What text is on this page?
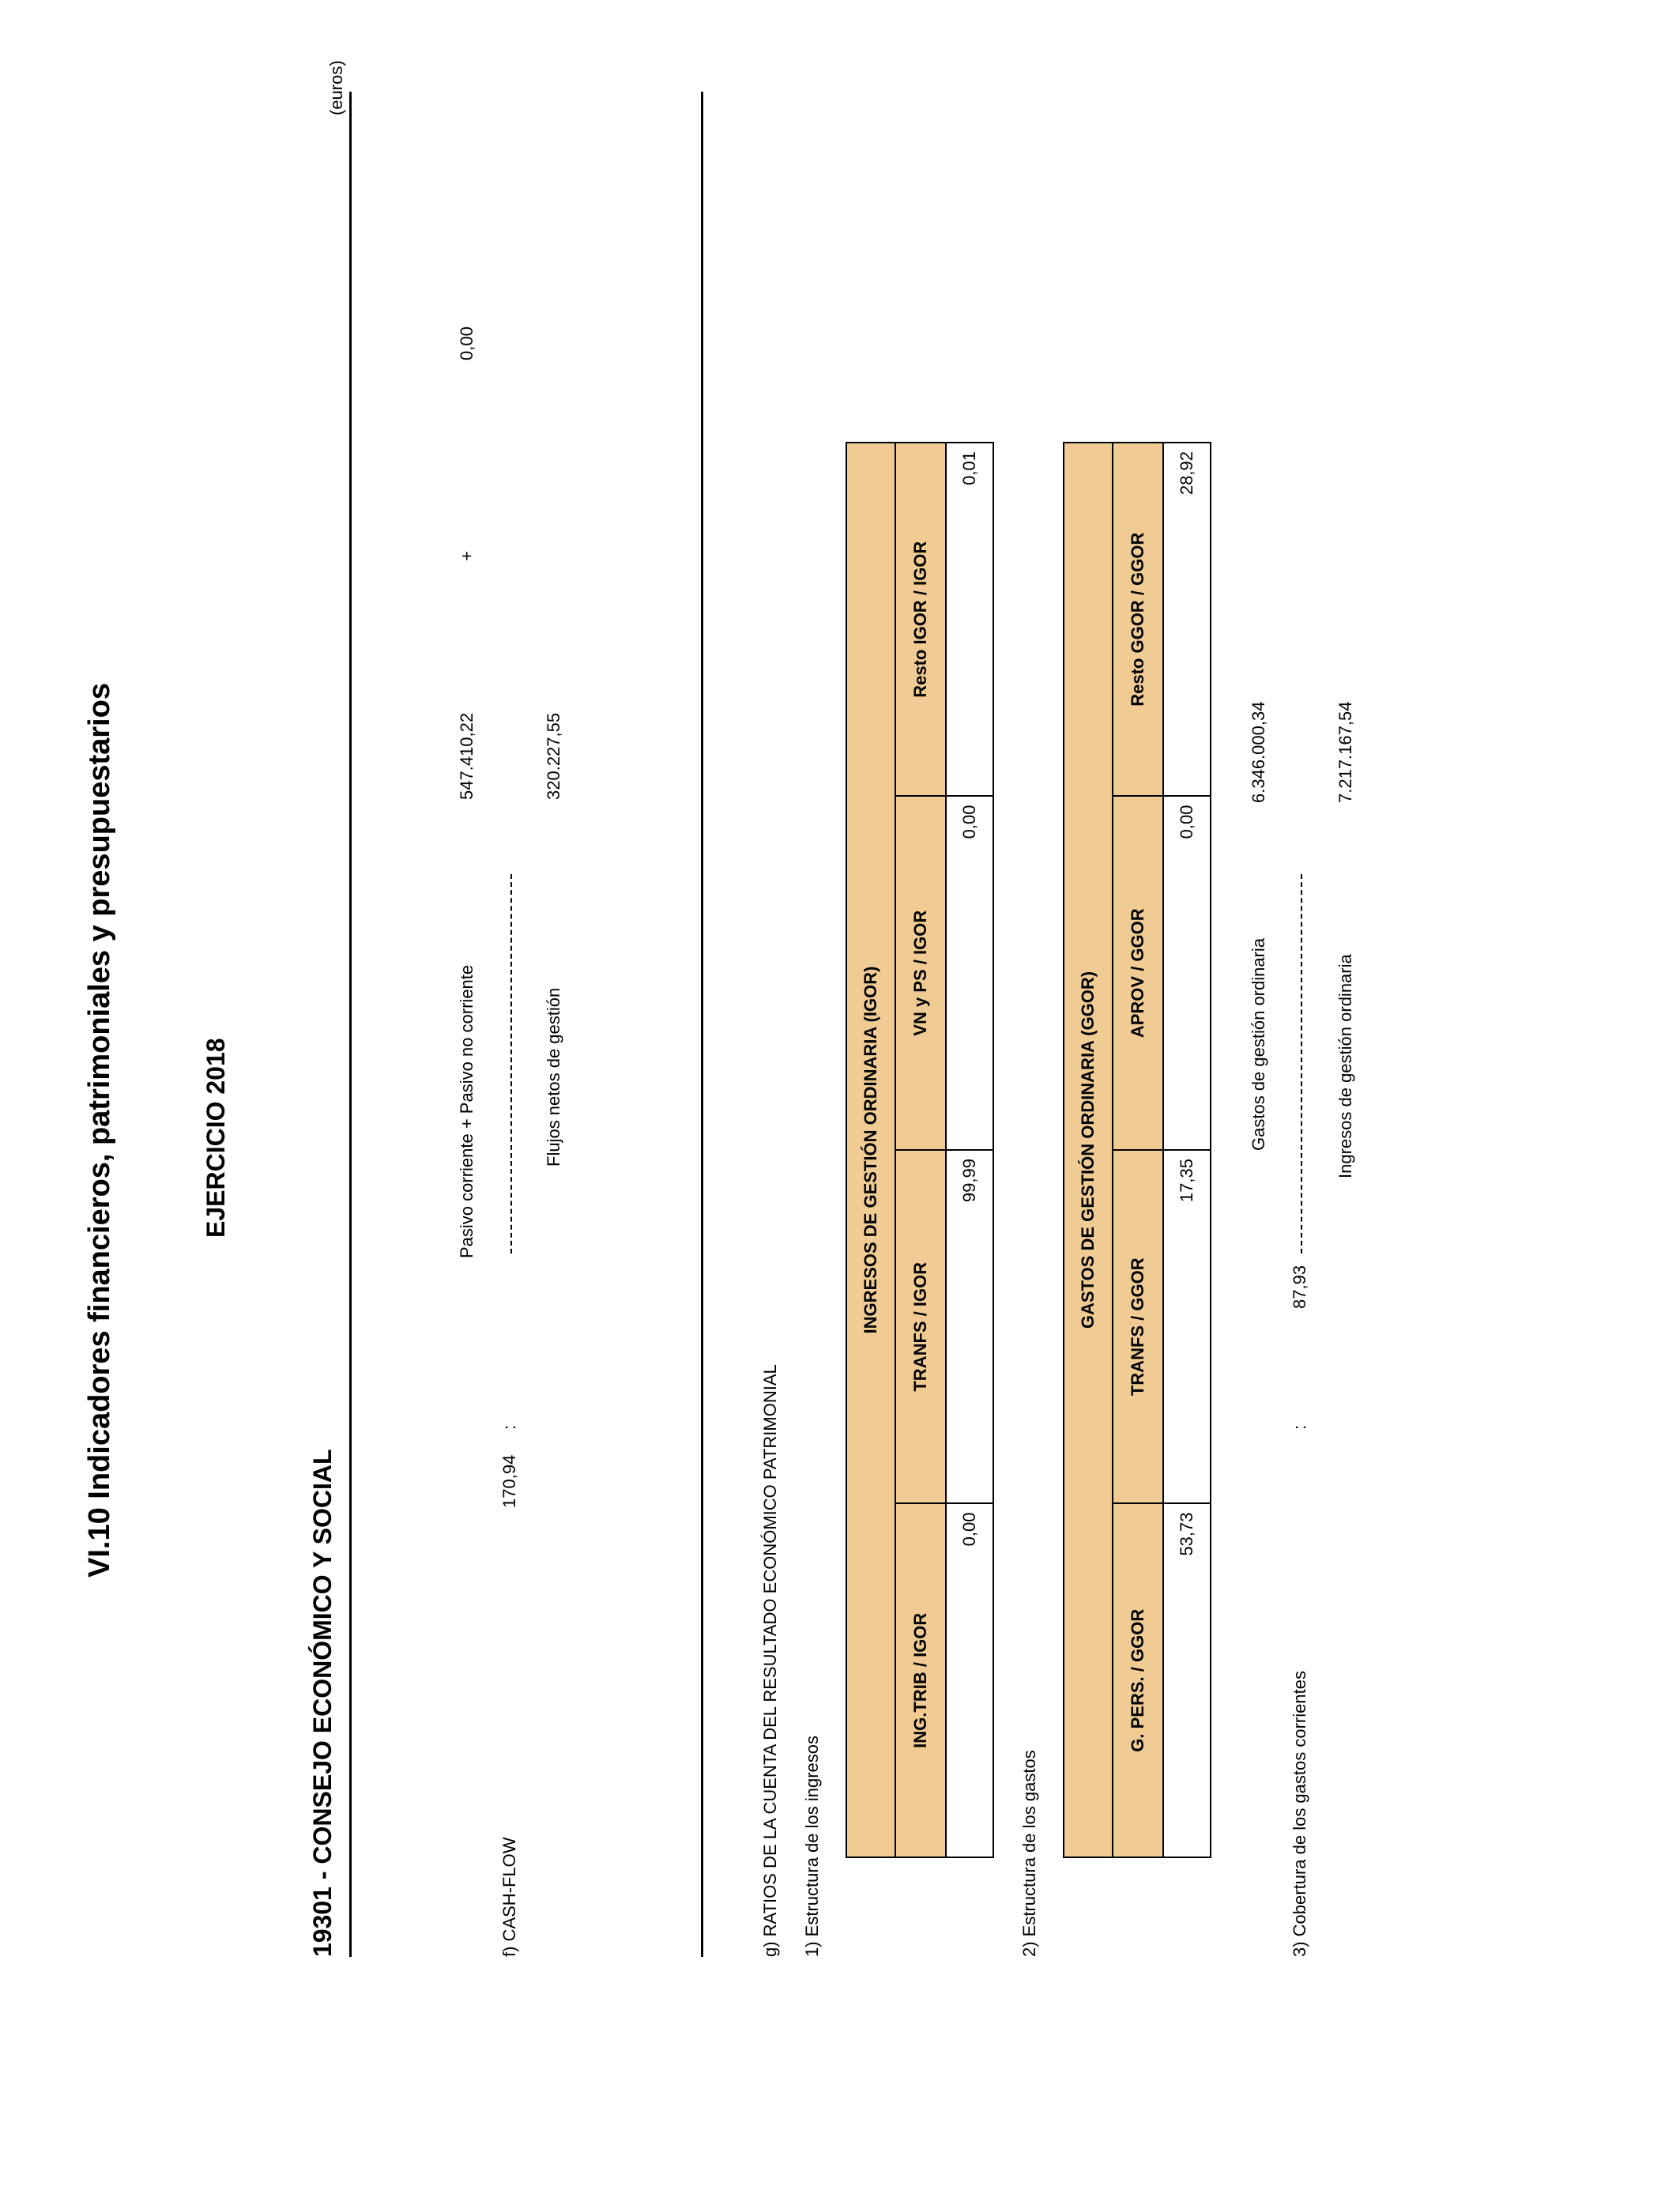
VI.10 Indicadores financieros, patrimoniales y presupuestarios	EJERCICIO 2018
(euros)
19301 - CONSEJO ECONÓMICO Y SOCIAL	f) CASH-FLOW
170,94
:
Pasivo corriente + Pasivo no corriente
547.410,22
+
0,00
Flujos netos de gestión
320.227,55
g) RATIOS DE LA CUENTA DEL RESULTADO ECONÓMICO PATRIMONIAL 1) Estructura de los ingresos
INGRESOS DE GESTIÓN ORDINARIA (IGOR)			
ING.TRIB / IGOR	TRANFS / IGOR	VN y PS / IGOR	Resto IGOR / IGOR
0,00	99,99	0,00	0,01
2) Estructura de los gastos
GASTOS DE GESTIÓN ORDINARIA (GGOR)			
G. PERS. / GGOR	TRANFS / GGOR	APROV / GGOR	Resto GGOR / GGOR
53,73	17,35	0,00	28,92
3) Cobertura de los gastos corrientes
87,93
:
Gastos de gestión ordinaria
6.346.000,34
Ingresos de gestión ordinaria
7.217.167,54
